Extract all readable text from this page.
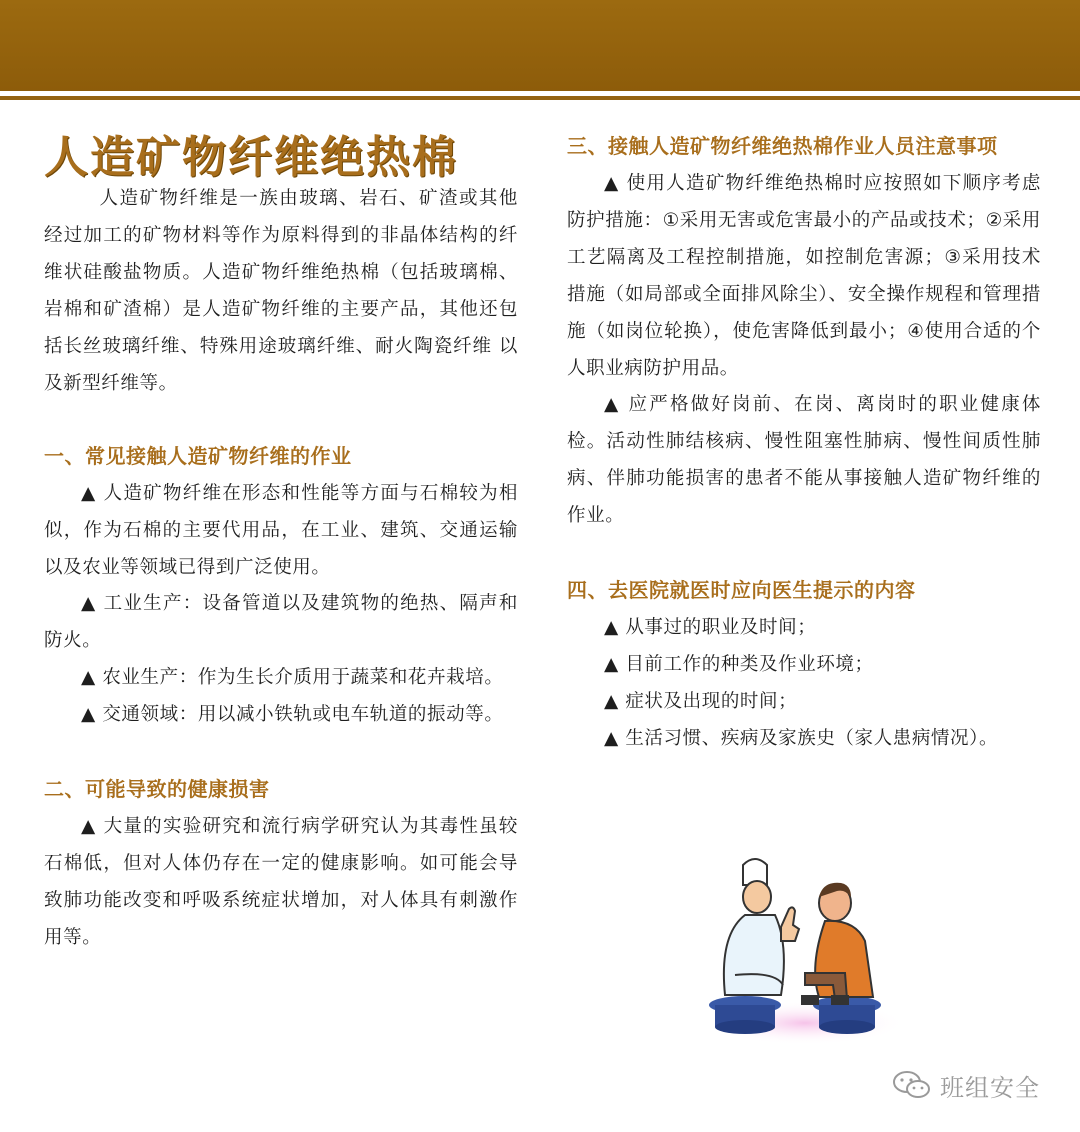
人造矿物纤维绝热棉

人造矿物纤维是一族由玻璃、岩石、矿渣或其他经过加工的矿物材料等作为原料得到的非晶体结构的纤维状硅酸盐物质。人造矿物纤维绝热棉（包括玻璃棉、岩棉和矿渣棉）是人造矿物纤维的主要产品，其他还包括长丝玻璃纤维、特殊用途玻璃纤维、耐火陶瓷纤维 以及新型纤维等。

一、常见接触人造矿物纤维的作业

▲ 人造矿物纤维在形态和性能等方面与石棉较为相似，作为石棉的主要代用品，在工业、建筑、交通运输以及农业等领域已得到广泛使用。

▲ 工业生产：设备管道以及建筑物的绝热、隔声和防火。

▲ 农业生产：作为生长介质用于蔬菜和花卉栽培。

▲ 交通领域：用以减小铁轨或电车轨道的振动等。

二、可能导致的健康损害

▲ 大量的实验研究和流行病学研究认为其毒性虽较石棉低，但对人体仍存在一定的健康影响。如可能会导致肺功能改变和呼吸系统症状增加，对人体具有刺激作用等。

三、接触人造矿物纤维绝热棉作业人员注意事项

▲ 使用人造矿物纤维绝热棉时应按照如下顺序考虑防护措施：①采用无害或危害最小的产品或技术；②采用工艺隔离及工程控制措施，如控制危害源；③采用技术措施（如局部或全面排风除尘）、安全操作规程和管理措施（如岗位轮换），使危害降低到最小；④使用合适的个人职业病防护用品。

▲ 应严格做好岗前、在岗、离岗时的职业健康体检。活动性肺结核病、慢性阻塞性肺病、慢性间质性肺病、伴肺功能损害的患者不能从事接触人造矿物纤维的作业。

四、去医院就医时应向医生提示的内容

▲ 从事过的职业及时间；

▲ 目前工作的种类及作业环境；

▲ 症状及出现的时间；

▲ 生活习惯、疾病及家族史（家人患病情况）。

班组安全
